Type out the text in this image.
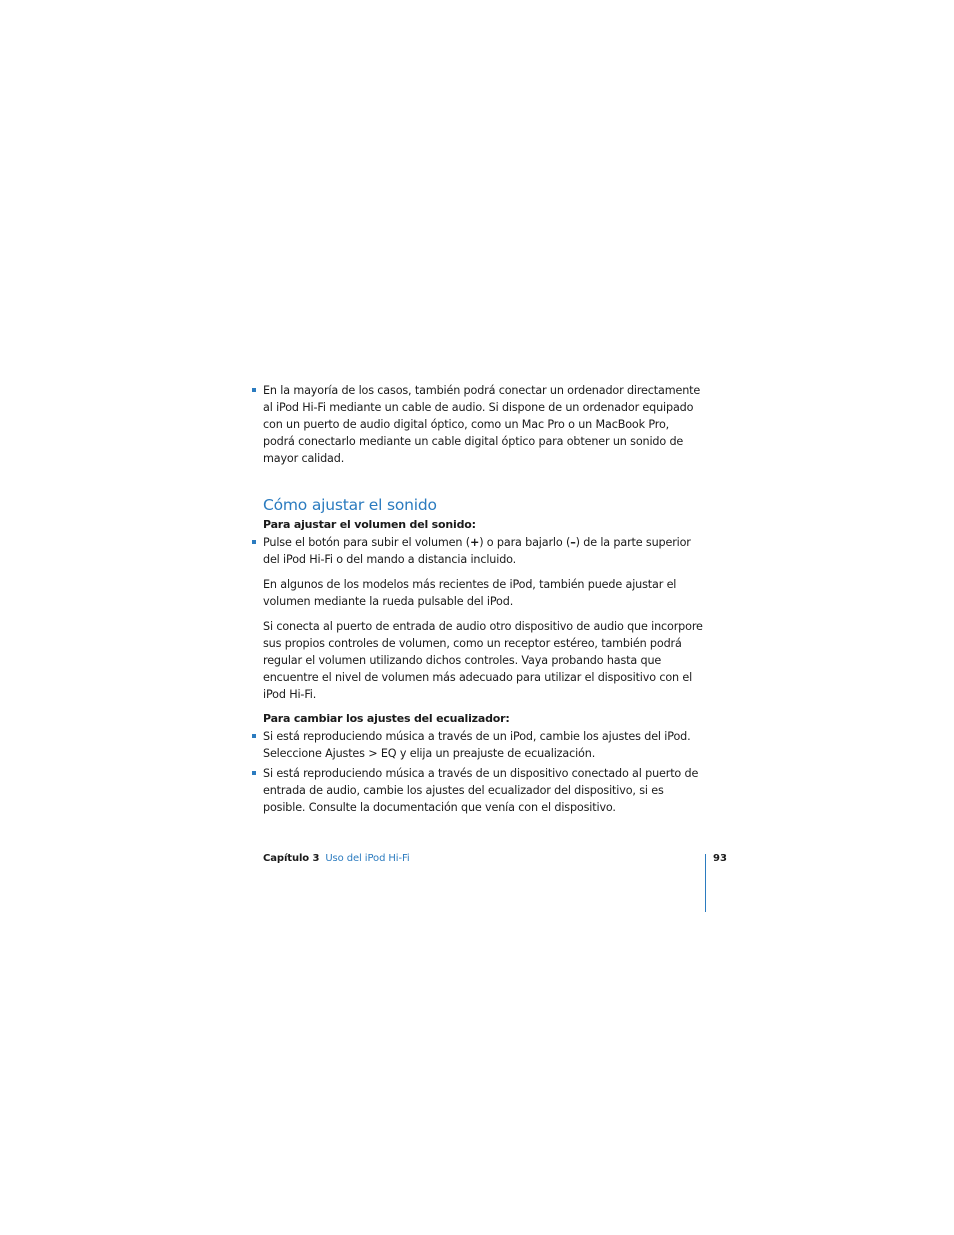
En la mayoría de los casos, también podrá conectar un ordenador directamente al iPod Hi-Fi mediante un cable de audio. Si dispone de un ordenador equipado con un puerto de audio digital óptico, como un Mac Pro o un MacBook Pro, podrá conectarlo mediante un cable digital óptico para obtener un sonido de mayor calidad.

Cómo ajustar el sonido

Para ajustar el volumen del sonido:

Pulse el botón para subir el volumen (+) o para bajarlo (–) de la parte superior del iPod Hi-Fi o del mando a distancia incluido.

En algunos de los modelos más recientes de iPod, también puede ajustar el volumen mediante la rueda pulsable del iPod.

Si conecta al puerto de entrada de audio otro dispositivo de audio que incorpore sus propios controles de volumen, como un receptor estéreo, también podrá regular el volumen utilizando dichos controles. Vaya probando hasta que encuentre el nivel de volumen más adecuado para utilizar el dispositivo con el iPod Hi-Fi.

Para cambiar los ajustes del ecualizador:

Si está reproduciendo música a través de un iPod, cambie los ajustes del iPod. Seleccione Ajustes > EQ y elija un preajuste de ecualización.

Si está reproduciendo música a través de un dispositivo conectado al puerto de entrada de audio, cambie los ajustes del ecualizador del dispositivo, si es posible. Consulte la documentación que venía con el dispositivo.

Capítulo 3 Uso del iPod Hi-Fi	93
